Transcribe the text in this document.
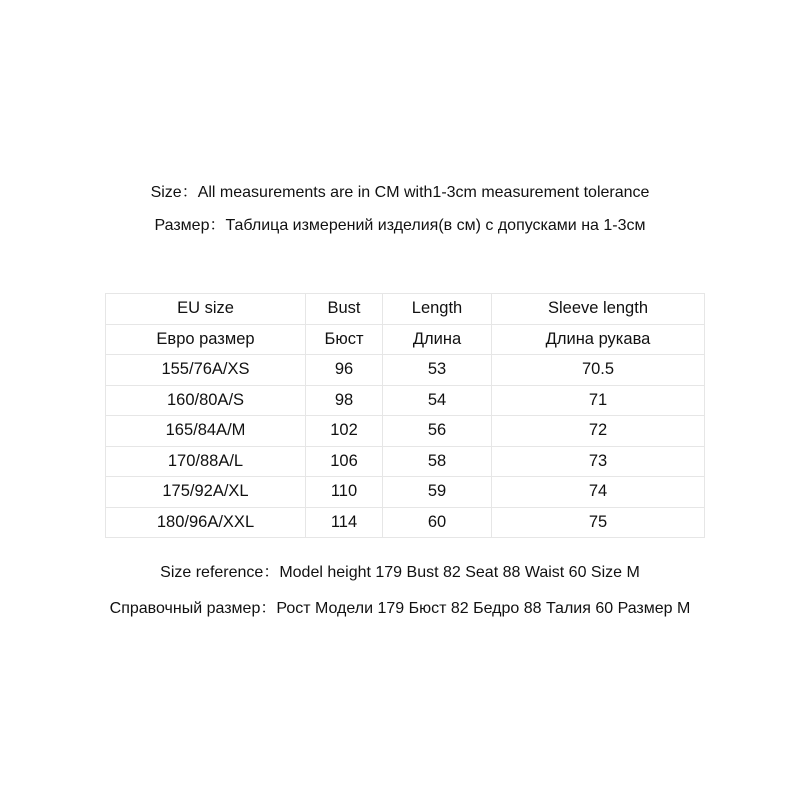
Size：All measurements are in CM with1-3cm measurement tolerance
Размер：Таблица измерений изделия(в см) с допусками на 1-3см
EU size	Bust	Length	Sleeve length
Евро размер	Бюст	Длина	Длина рукава
155/76A/XS	96	53	70.5
160/80A/S	98	54	71
165/84A/M	102	56	72
170/88A/L	106	58	73
175/92A/XL	110	59	74
180/96A/XXL	114	60	75
Size reference：Model height 179 Bust 82 Seat 88 Waist 60 Size M
Справочный размер：Рост Модели 179 Бюст 82 Бедро 88 Талия 60 Размер M
